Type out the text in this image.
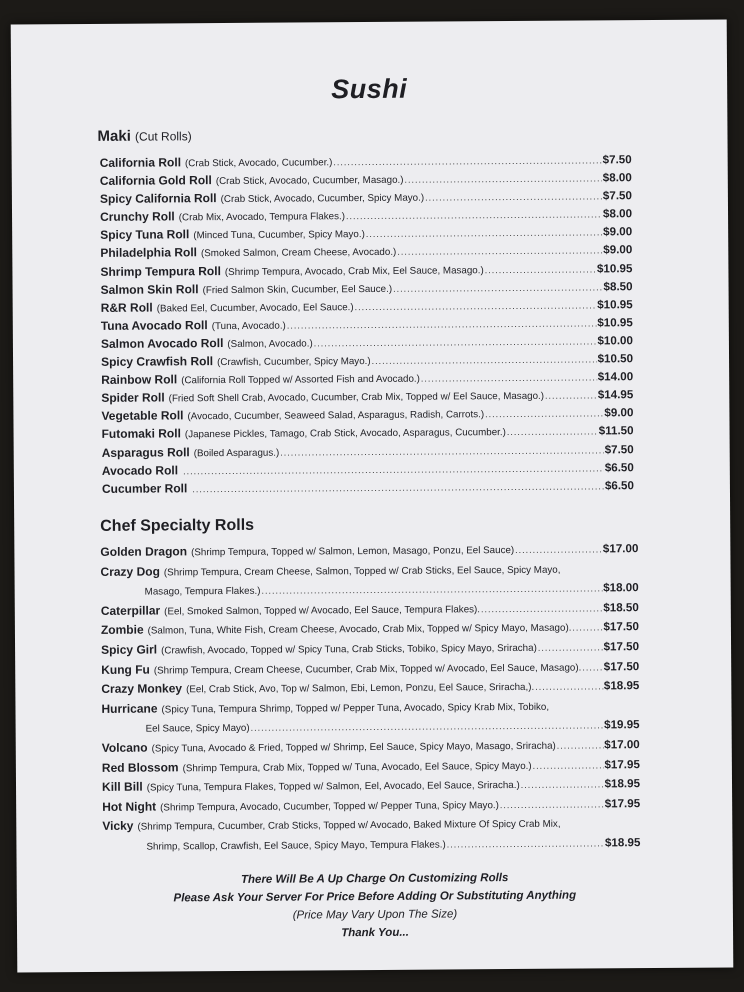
Sushi
Maki (Cut Rolls)
California Roll (Crab Stick, Avocado, Cucumber.) .....	$7.50
California Gold Roll (Crab Stick, Avocado, Cucumber, Masago.) .....	$8.00
Spicy California Roll (Crab Stick, Avocado, Cucumber, Spicy Mayo.) .....	$7.50
Crunchy Roll (Crab Mix, Avocado, Tempura Flakes.) .....	$8.00
Spicy Tuna Roll (Minced Tuna, Cucumber, Spicy Mayo.) .....	$9.00
Philadelphia Roll (Smoked Salmon, Cream Cheese, Avocado.) .....	$9.00
Shrimp Tempura Roll (Shrimp Tempura, Avocado, Crab Mix, Eel Sauce, Masago.) .....	$10.95
Salmon Skin Roll (Fried Salmon Skin, Cucumber, Eel Sauce.) .....	$8.50
R&R Roll (Baked Eel, Cucumber, Avocado, Eel Sauce.) .....	$10.95
Tuna Avocado Roll (Tuna, Avocado.) .....	$10.95
Salmon Avocado Roll (Salmon, Avocado.) .....	$10.00
Spicy Crawfish Roll (Crawfish, Cucumber, Spicy Mayo.) .....	$10.50
Rainbow Roll (California Roll Topped w/ Assorted Fish and Avocado.) .....	$14.00
Spider Roll (Fried Soft Shell Crab, Avocado, Cucumber, Crab Mix, Topped w/ Eel Sauce, Masago.) .....	$14.95
Vegetable Roll (Avocado, Cucumber, Seaweed Salad, Asparagus, Radish, Carrots.) .....	$9.00
Futomaki Roll (Japanese Pickles, Tamago, Crab Stick, Avocado, Asparagus, Cucumber.) .....	$11.50
Asparagus Roll (Boiled Asparagus.) .....	$7.50
Avocado Roll .....	$6.50
Cucumber Roll .....	$6.50
Chef Specialty Rolls
Golden Dragon (Shrimp Tempura, Topped w/ Salmon, Lemon, Masago, Ponzu, Eel Sauce) .....	$17.00
Crazy Dog (Shrimp Tempura, Cream Cheese, Salmon, Topped w/ Crab Sticks, Eel Sauce, Spicy Mayo,
Masago, Tempura Flakes.) .....	$18.00
Caterpillar (Eel, Smoked Salmon, Topped w/ Avocado, Eel Sauce, Tempura Flakes). .....	$18.50
Zombie (Salmon, Tuna, White Fish, Cream Cheese, Avocado, Crab Mix, Topped w/ Spicy Mayo, Masago). .....	$17.50
Spicy Girl (Crawfish, Avocado, Topped w/ Spicy Tuna, Crab Sticks, Tobiko, Spicy Mayo, Sriracha) .....	$17.50
Kung Fu (Shrimp Tempura, Cream Cheese, Cucumber, Crab Mix, Topped w/ Avocado, Eel Sauce, Masago). ..... $17.50
Crazy Monkey (Eel, Crab Stick, Avo, Top w/ Salmon, Ebi, Lemon, Ponzu, Eel Sauce, Sriracha,). .....	$18.95
Hurricane (Spicy Tuna, Tempura Shrimp, Topped w/ Pepper Tuna, Avocado, Spicy Krab Mix, Tobiko,
Eel Sauce, Spicy Mayo) .....	$19.95
Volcano (Spicy Tuna, Avocado & Fried, Topped w/ Shrimp, Eel Sauce, Spicy Mayo, Masago, Sriracha) .....	$17.00
Red Blossom (Shrimp Tempura, Crab Mix, Topped w/ Tuna, Avocado, Eel Sauce, Spicy Mayo.) .....	$17.95
Kill Bill (Spicy Tuna, Tempura Flakes, Topped w/ Salmon, Eel, Avocado, Eel Sauce, Sriracha.) .....	$18.95
Hot Night (Shrimp Tempura, Avocado, Cucumber, Topped w/ Pepper Tuna, Spicy Mayo.) .....	$17.95
Vicky (Shrimp Tempura, Cucumber, Crab Sticks, Topped w/ Avocado, Baked Mixture Of Spicy Crab Mix,
Shrimp, Scallop, Crawfish, Eel Sauce, Spicy Mayo, Tempura Flakes.) .....	$18.95
There Will Be A Up Charge On Customizing Rolls
Please Ask Your Server For Price Before Adding Or Substituting Anything
(Price May Vary Upon The Size)
Thank You...
